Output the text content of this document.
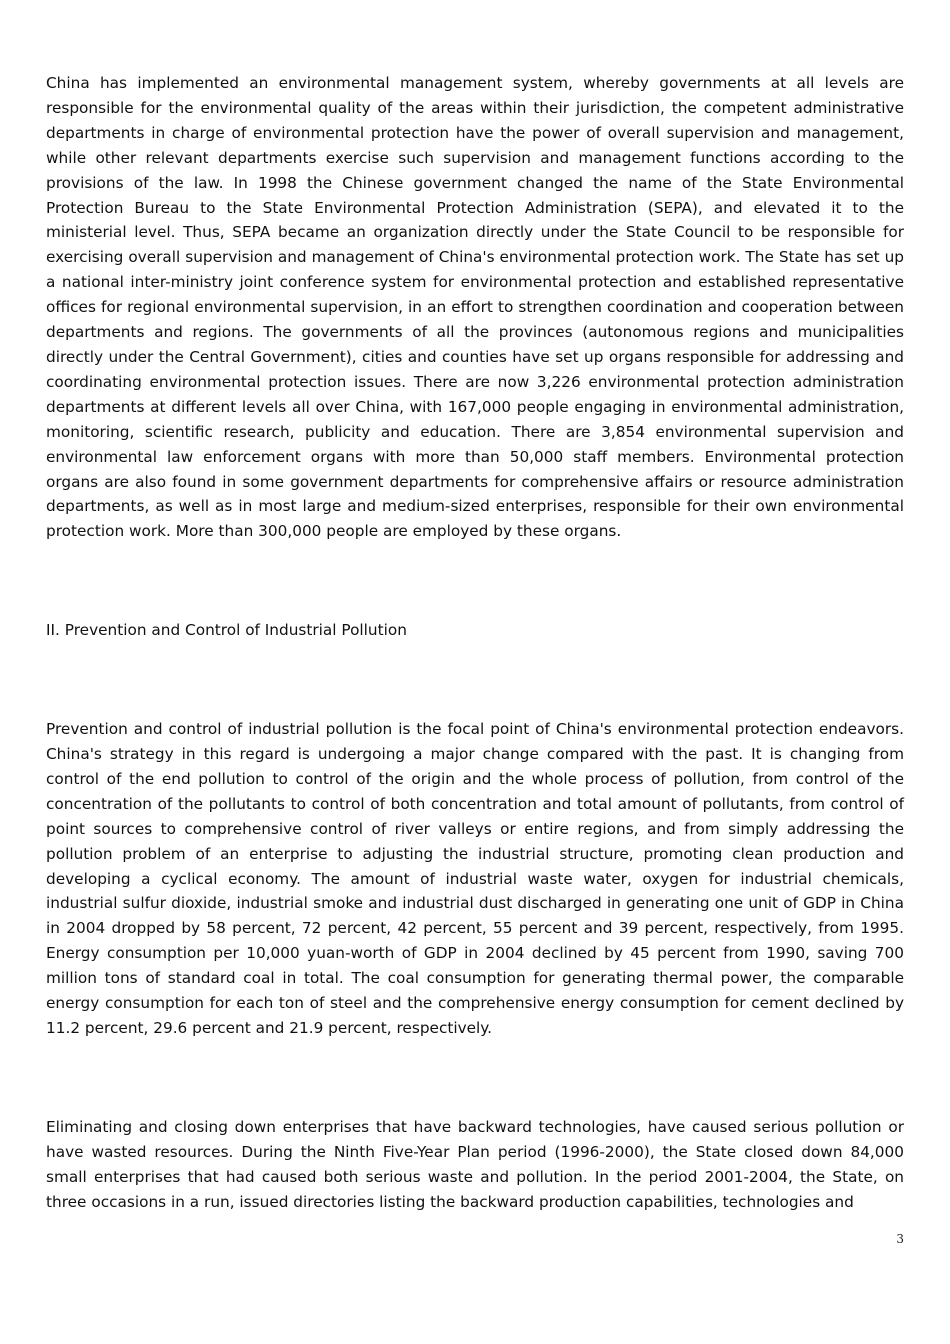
China has implemented an environmental management system, whereby governments at all levels are responsible for the environmental quality of the areas within their jurisdiction, the competent administrative departments in charge of environmental protection have the power of overall supervision and management, while other relevant departments exercise such supervision and management functions according to the provisions of the law. In 1998 the Chinese government changed the name of the State Environmental Protection Bureau to the State Environmental Protection Administration (SEPA), and elevated it to the ministerial level. Thus, SEPA became an organization directly under the State Council to be responsible for exercising overall supervision and management of China's environmental protection work. The State has set up a national inter-ministry joint conference system for environmental protection and established representative offices for regional environmental supervision, in an effort to strengthen coordination and cooperation between departments and regions. The governments of all the provinces (autonomous regions and municipalities directly under the Central Government), cities and counties have set up organs responsible for addressing and coordinating environmental protection issues. There are now 3,226 environmental protection administration departments at different levels all over China, with 167,000 people engaging in environmental administration, monitoring, scientific research, publicity and education. There are 3,854 environmental supervision and environmental law enforcement organs with more than 50,000 staff members. Environmental protection organs are also found in some government departments for comprehensive affairs or resource administration departments, as well as in most large and medium-sized enterprises, responsible for their own environmental protection work. More than 300,000 people are employed by these organs.

II. Prevention and Control of Industrial Pollution

Prevention and control of industrial pollution is the focal point of China's environmental protection endeavors. China's strategy in this regard is undergoing a major change compared with the past. It is changing from control of the end pollution to control of the origin and the whole process of pollution, from control of the concentration of the pollutants to control of both concentration and total amount of pollutants, from control of point sources to comprehensive control of river valleys or entire regions, and from simply addressing the pollution problem of an enterprise to adjusting the industrial structure, promoting clean production and developing a cyclical economy. The amount of industrial waste water, oxygen for industrial chemicals, industrial sulfur dioxide, industrial smoke and industrial dust discharged in generating one unit of GDP in China in 2004 dropped by 58 percent, 72 percent, 42 percent, 55 percent and 39 percent, respectively, from 1995. Energy consumption per 10,000 yuan-worth of GDP in 2004 declined by 45 percent from 1990, saving 700 million tons of standard coal in total. The coal consumption for generating thermal power, the comparable energy consumption for each ton of steel and the comprehensive energy consumption for cement declined by 11.2 percent, 29.6 percent and 21.9 percent, respectively.

Eliminating and closing down enterprises that have backward technologies, have caused serious pollution or have wasted resources. During the Ninth Five-Year Plan period (1996-2000), the State closed down 84,000 small enterprises that had caused both serious waste and pollution. In the period 2001-2004, the State, on three occasions in a run, issued directories listing the backward production capabilities, technologies and

3
